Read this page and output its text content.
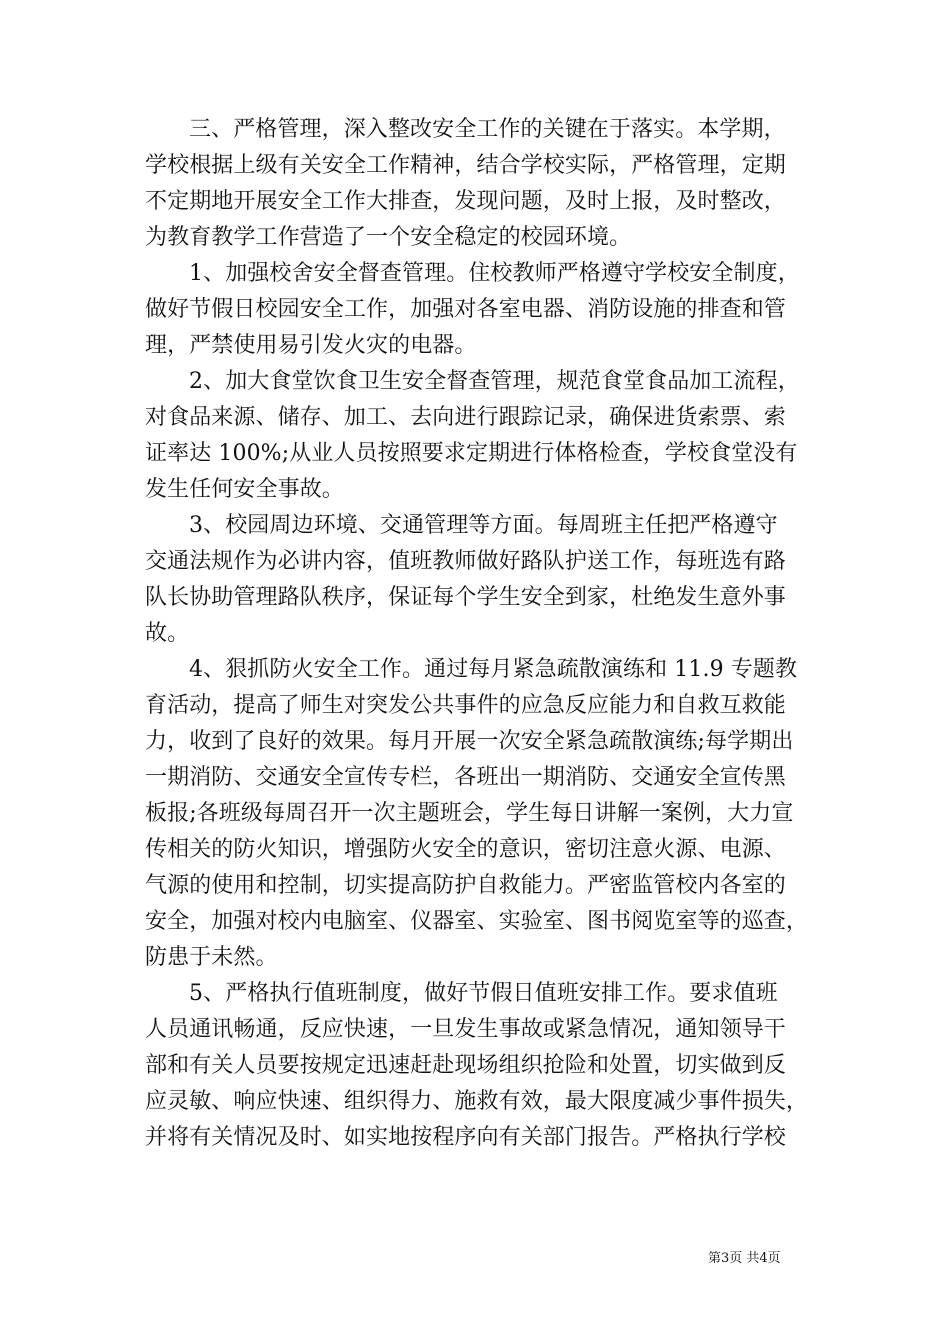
三、严格管理，深入整改安全工作的关键在于落实。本学期，
学校根据上级有关安全工作精神，结合学校实际，严格管理，定期
不定期地开展安全工作大排查，发现问题，及时上报，及时整改，
为教育教学工作营造了一个安全稳定的校园环境。
1、加强校舍安全督查管理。住校教师严格遵守学校安全制度，
做好节假日校园安全工作，加强对各室电器、消防设施的排查和管
理，严禁使用易引发火灾的电器。
2、加大食堂饮食卫生安全督查管理，规范食堂食品加工流程，
对食品来源、储存、加工、去向进行跟踪记录，确保进货索票、索
证率达 100%;从业人员按照要求定期进行体格检查，学校食堂没有
发生任何安全事故。
3、校园周边环境、交通管理等方面。每周班主任把严格遵守
交通法规作为必讲内容，值班教师做好路队护送工作，每班选有路
队长协助管理路队秩序，保证每个学生安全到家，杜绝发生意外事
故。
4、狠抓防火安全工作。通过每月紧急疏散演练和 11.9 专题教
育活动，提高了师生对突发公共事件的应急反应能力和自救互救能
力，收到了良好的效果。每月开展一次安全紧急疏散演练;每学期出
一期消防、交通安全宣传专栏，各班出一期消防、交通安全宣传黑
板报;各班级每周召开一次主题班会，学生每日讲解一案例，大力宣
传相关的防火知识，增强防火安全的意识，密切注意火源、电源、
气源的使用和控制，切实提高防护自救能力。严密监管校内各室的
安全，加强对校内电脑室、仪器室、实验室、图书阅览室等的巡查，
防患于未然。
5、严格执行值班制度，做好节假日值班安排工作。要求值班
人员通讯畅通，反应快速，一旦发生事故或紧急情况，通知领导干
部和有关人员要按规定迅速赶赴现场组织抢险和处置，切实做到反
应灵敏、响应快速、组织得力、施救有效，最大限度减少事件损失，
并将有关情况及时、如实地按程序向有关部门报告。严格执行学校
第3页 共4页
